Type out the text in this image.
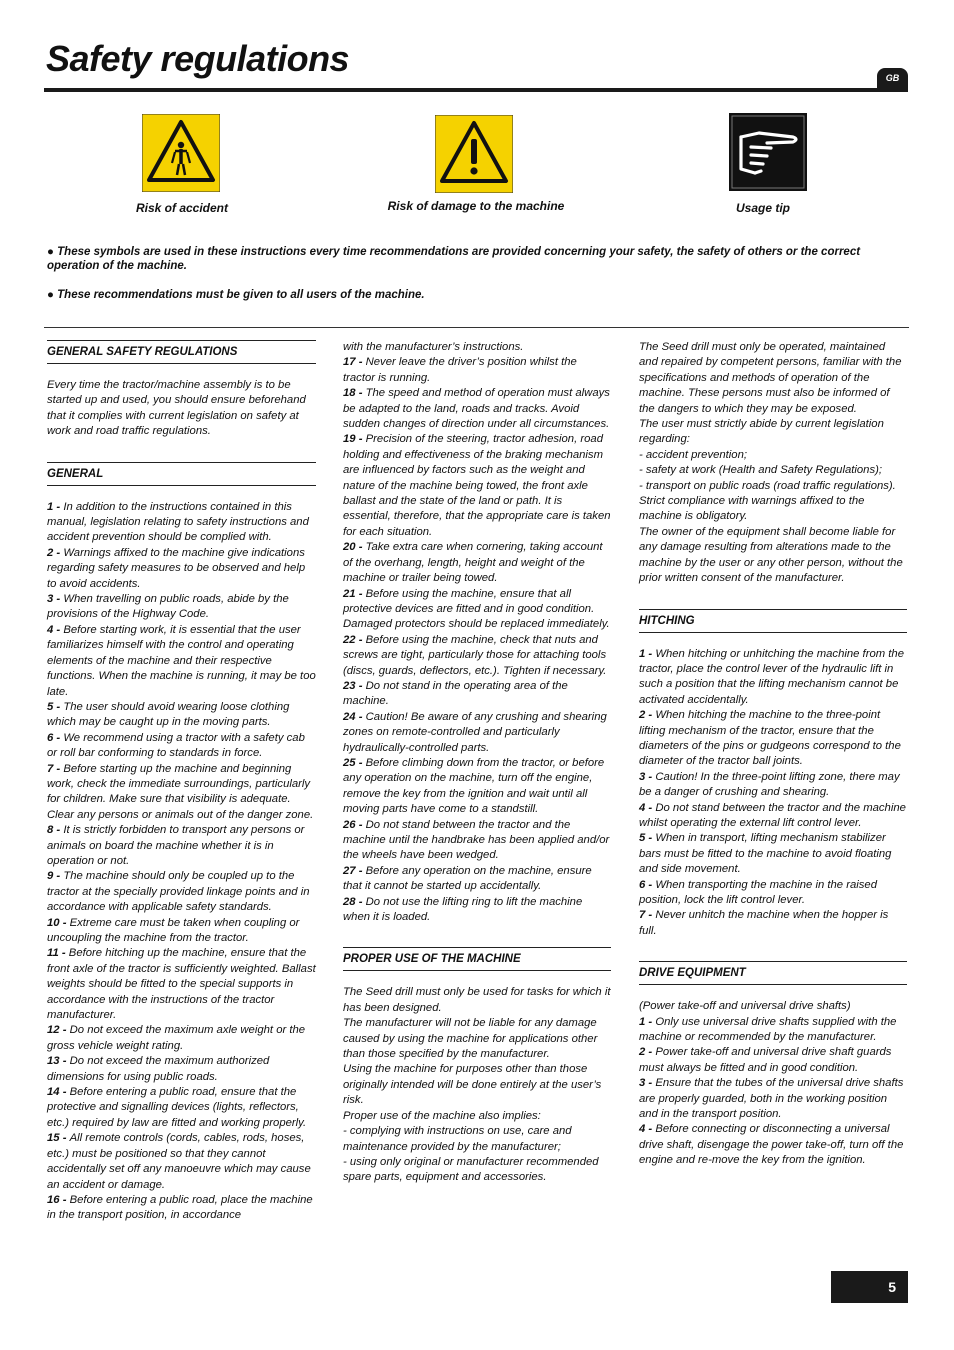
Safety regulations	GB
Risk of accident	Risk of damage to the machine	Usage tip

● These symbols are used in these instructions every time recommendations are provided concerning your safety, the safety of others or the correct operation of the machine.

● These recommendations must be given to all users of the machine.

GENERAL SAFETY REGULATIONS

Every time the tractor/machine assembly is to be started up and used, you should ensure beforehand that it complies with current legislation on safety at work and road traffic regulations.

GENERAL

1 - In addition to the instructions contained in this manual, legislation relating to safety instructions and accident prevention should be complied with.

2 - Warnings affixed to the machine give indications regarding safety measures to be observed and help to avoid accidents.

3 - When travelling on public roads, abide by the provisions of the Highway Code.

4 - Before starting work, it is essential that the user familiarizes himself with the control and operating elements of the machine and their respective functions. When the machine is running, it may be too late.

5 - The user should avoid wearing loose clothing which may be caught up in the moving parts.

6 - We recommend using a tractor with a safety cab or roll bar conforming to standards in force.

7 - Before starting up the machine and beginning work, check the immediate surroundings, particularly for children. Make sure that visibility is adequate. Clear any persons or animals out of the danger zone.

8 - It is strictly forbidden to transport any persons or animals on board the machine whether it is in operation or not.

9 - The machine should only be coupled up to the tractor at the specially provided linkage points and in accordance with applicable safety standards.

10 - Extreme care must be taken when coupling or uncoupling the machine from the tractor.

11 - Before hitching up the machine, ensure that the front axle of the tractor is sufficiently weighted. Ballast weights should be fitted to the special supports in accordance with the instructions of the tractor manufacturer.

12 - Do not exceed the maximum axle weight or the gross vehicle weight rating.

13 - Do not exceed the maximum authorized dimensions for using public roads.

14 - Before entering a public road, ensure that the protective and signalling devices (lights, reflectors, etc.) required by law are fitted and working properly.

15 - All remote controls (cords, cables, rods, hoses, etc.) must be positioned so that they cannot accidentally set off any manoeuvre which may cause an accident or damage.

16 - Before entering a public road, place the machine in the transport position, in accordance

with the manufacturer’s instructions.

17 - Never leave the driver’s position whilst the tractor is running.

18 - The speed and method of operation must always be adapted to the land, roads and tracks. Avoid sudden changes of direction under all circumstances.

19 - Precision of the steering, tractor adhesion, road holding and effectiveness of the braking mechanism are influenced by factors such as the weight and nature of the machine being towed, the front axle ballast and the state of the land or path. It is essential, therefore, that the appropriate care is taken for each situation.

20 - Take extra care when cornering, taking account of the overhang, length, height and weight of the machine or trailer being towed.

21 - Before using the machine, ensure that all protective devices are fitted and in good condition. Damaged protectors should be replaced immediately.

22 - Before using the machine, check that nuts and screws are tight, particularly those for attaching tools (discs, guards, deflectors, etc.). Tighten if necessary.

23 - Do not stand in the operating area of the machine.

24 - Caution! Be aware of any crushing and shearing zones on remote-controlled and particularly hydraulically-controlled parts.

25 - Before climbing down from the tractor, or before any operation on the machine, turn off the engine, remove the key from the ignition and wait until all moving parts have come to a standstill.

26 - Do not stand between the tractor and the machine until the handbrake has been applied and/or the wheels have been wedged.

27 - Before any operation on the machine, ensure that it cannot be started up accidentally.

28 - Do not use the lifting ring to lift the machine when it is loaded.

PROPER USE OF THE MACHINE

The Seed drill must only be used for tasks for which it has been designed.

The manufacturer will not be liable for any damage caused by using the machine for applications other than those specified by the manufacturer.

Using the machine for purposes other than those originally intended will be done entirely at the user’s risk.

Proper use of the machine also implies:

- complying with instructions on use, care and maintenance provided by the manufacturer;

- using only original or manufacturer recommended spare parts, equipment and accessories.

The Seed drill must only be operated, maintained and repaired by competent persons, familiar with the specifications and methods of operation of the machine. These persons must also be informed of the dangers to which they may be exposed.

The user must strictly abide by current legislation regarding:

- accident prevention;

- safety at work (Health and Safety Regulations);

- transport on public roads (road traffic regulations).

Strict compliance with warnings affixed to the machine is obligatory.

The owner of the equipment shall become liable for any damage resulting from alterations made to the machine by the user or any other person, without the prior written consent of the manufacturer.

HITCHING

1 - When hitching or unhitching the machine from the tractor, place the control lever of the hydraulic lift in such a position that the lifting mechanism cannot be activated accidentally.

2 - When hitching the machine to the three-point lifting mechanism of the tractor, ensure that the diameters of the pins or gudgeons correspond to the diameter of the tractor ball joints.

3 - Caution! In the three-point lifting zone, there may be a danger of crushing and shearing.

4 - Do not stand between the tractor and the machine whilst operating the external lift control lever.

5 - When in transport, lifting mechanism stabilizer bars must be fitted to the machine to avoid floating and side movement.

6 - When transporting the machine in the raised position, lock the lift control lever.

7 - Never unhitch the machine when the hopper is full.

DRIVE EQUIPMENT

(Power take-off and universal drive shafts)

1 - Only use universal drive shafts supplied with the machine or recommended by the manufacturer.

2 - Power take-off and universal drive shaft guards must always be fitted and in good condition.

3 - Ensure that the tubes of the universal drive shafts are properly guarded, both in the working position and in the transport position.

4 - Before connecting or disconnecting a universal drive shaft, disengage the power take-off, turn off the engine and re-move the key from the ignition.

5
